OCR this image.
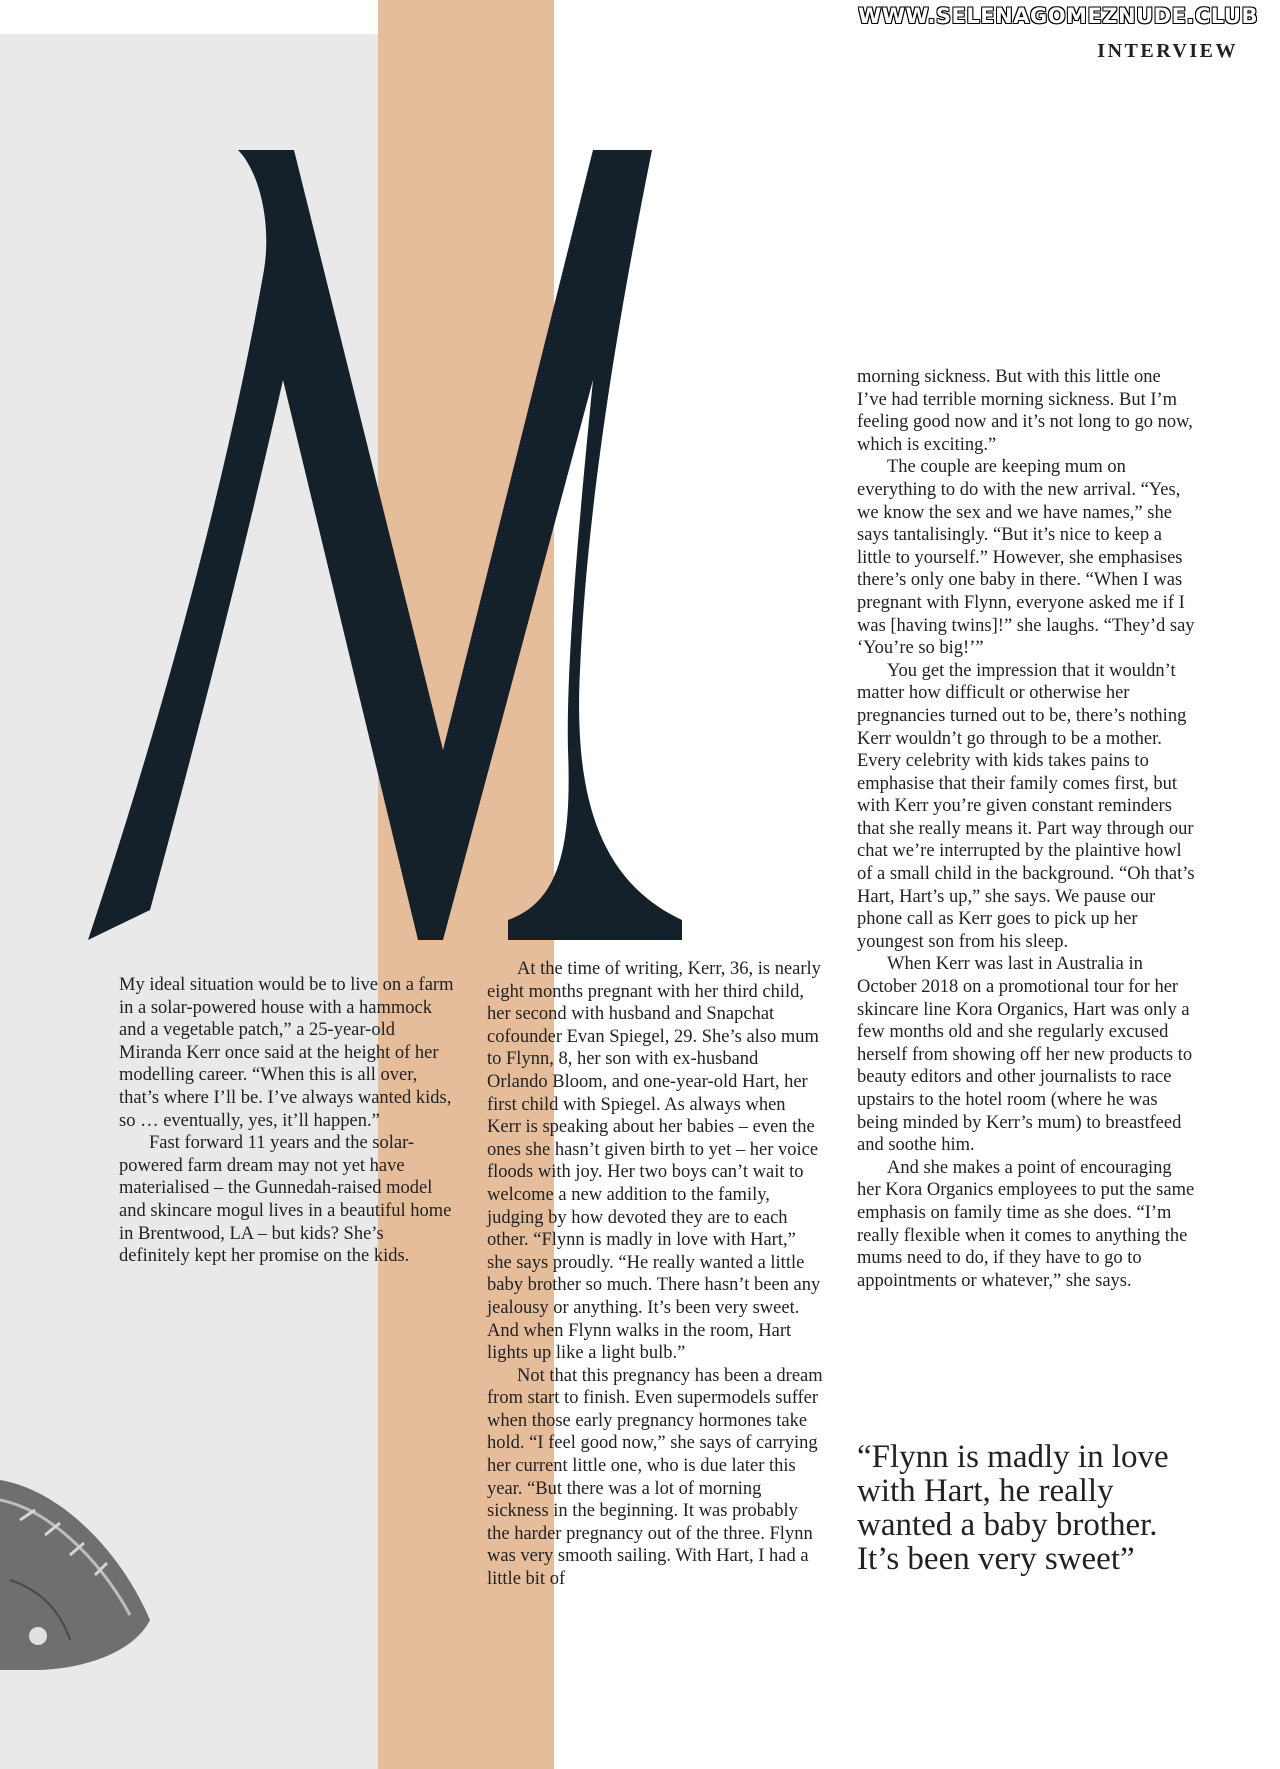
WWW.SELENAGOMEZNUDE.CLUB
INTERVIEW

My ideal situation would be to live on a farm in a solar-powered house with a hammock and a vegetable patch,” a 25-year-old Miranda Kerr once said at the height of her modelling career. “When this is all over, that’s where I’ll be. I’ve always wanted kids, so … eventually, yes, it’ll happen.”

Fast forward 11 years and the solar-powered farm dream may not yet have materialised – the Gunnedah-raised model and skincare mogul lives in a beautiful home in Brentwood, LA – but kids? She’s definitely kept her promise on the kids.

At the time of writing, Kerr, 36, is nearly eight months pregnant with her third child, her second with husband and Snapchat cofounder Evan Spiegel, 29. She’s also mum to Flynn, 8, her son with ex-husband Orlando Bloom, and one-year-old Hart, her first child with Spiegel. As always when Kerr is speaking about her babies – even the ones she hasn’t given birth to yet – her voice floods with joy. Her two boys can’t wait to welcome a new addition to the family, judging by how devoted they are to each other. “Flynn is madly in love with Hart,” she says proudly. “He really wanted a little baby brother so much. There hasn’t been any jealousy or anything. It’s been very sweet. And when Flynn walks in the room, Hart lights up like a light bulb.”

Not that this pregnancy has been a dream from start to finish. Even supermodels suffer when those early pregnancy hormones take hold. “I feel good now,” she says of carrying her current little one, who is due later this year. “But there was a lot of morning sickness in the beginning. It was probably the harder pregnancy out of the three. Flynn was very smooth sailing. With Hart, I had a little bit of

morning sickness. But with this little one I’ve had terrible morning sickness. But I’m feeling good now and it’s not long to go now, which is exciting.”

The couple are keeping mum on everything to do with the new arrival. “Yes, we know the sex and we have names,” she says tantalisingly. “But it’s nice to keep a little to yourself.” However, she emphasises there’s only one baby in there. “When I was pregnant with Flynn, everyone asked me if I was [having twins]!” she laughs. “They’d say ‘You’re so big!’”

You get the impression that it wouldn’t matter how difficult or otherwise her pregnancies turned out to be, there’s nothing Kerr wouldn’t go through to be a mother. Every celebrity with kids takes pains to emphasise that their family comes first, but with Kerr you’re given constant reminders that she really means it. Part way through our chat we’re interrupted by the plaintive howl of a small child in the background. “Oh that’s Hart, Hart’s up,” she says. We pause our phone call as Kerr goes to pick up her youngest son from his sleep.

When Kerr was last in Australia in October 2018 on a promotional tour for her skincare line Kora Organics, Hart was only a few months old and she regularly excused herself from showing off her new products to beauty editors and other journalists to race upstairs to the hotel room (where he was being minded by Kerr’s mum) to breastfeed and soothe him.

And she makes a point of encouraging her Kora Organics employees to put the same emphasis on family time as she does. “I’m really flexible when it comes to anything the mums need to do, if they have to go to appointments or whatever,” she says.

“Flynn is madly in love with Hart, he really wanted a baby brother. It’s been very sweet”
